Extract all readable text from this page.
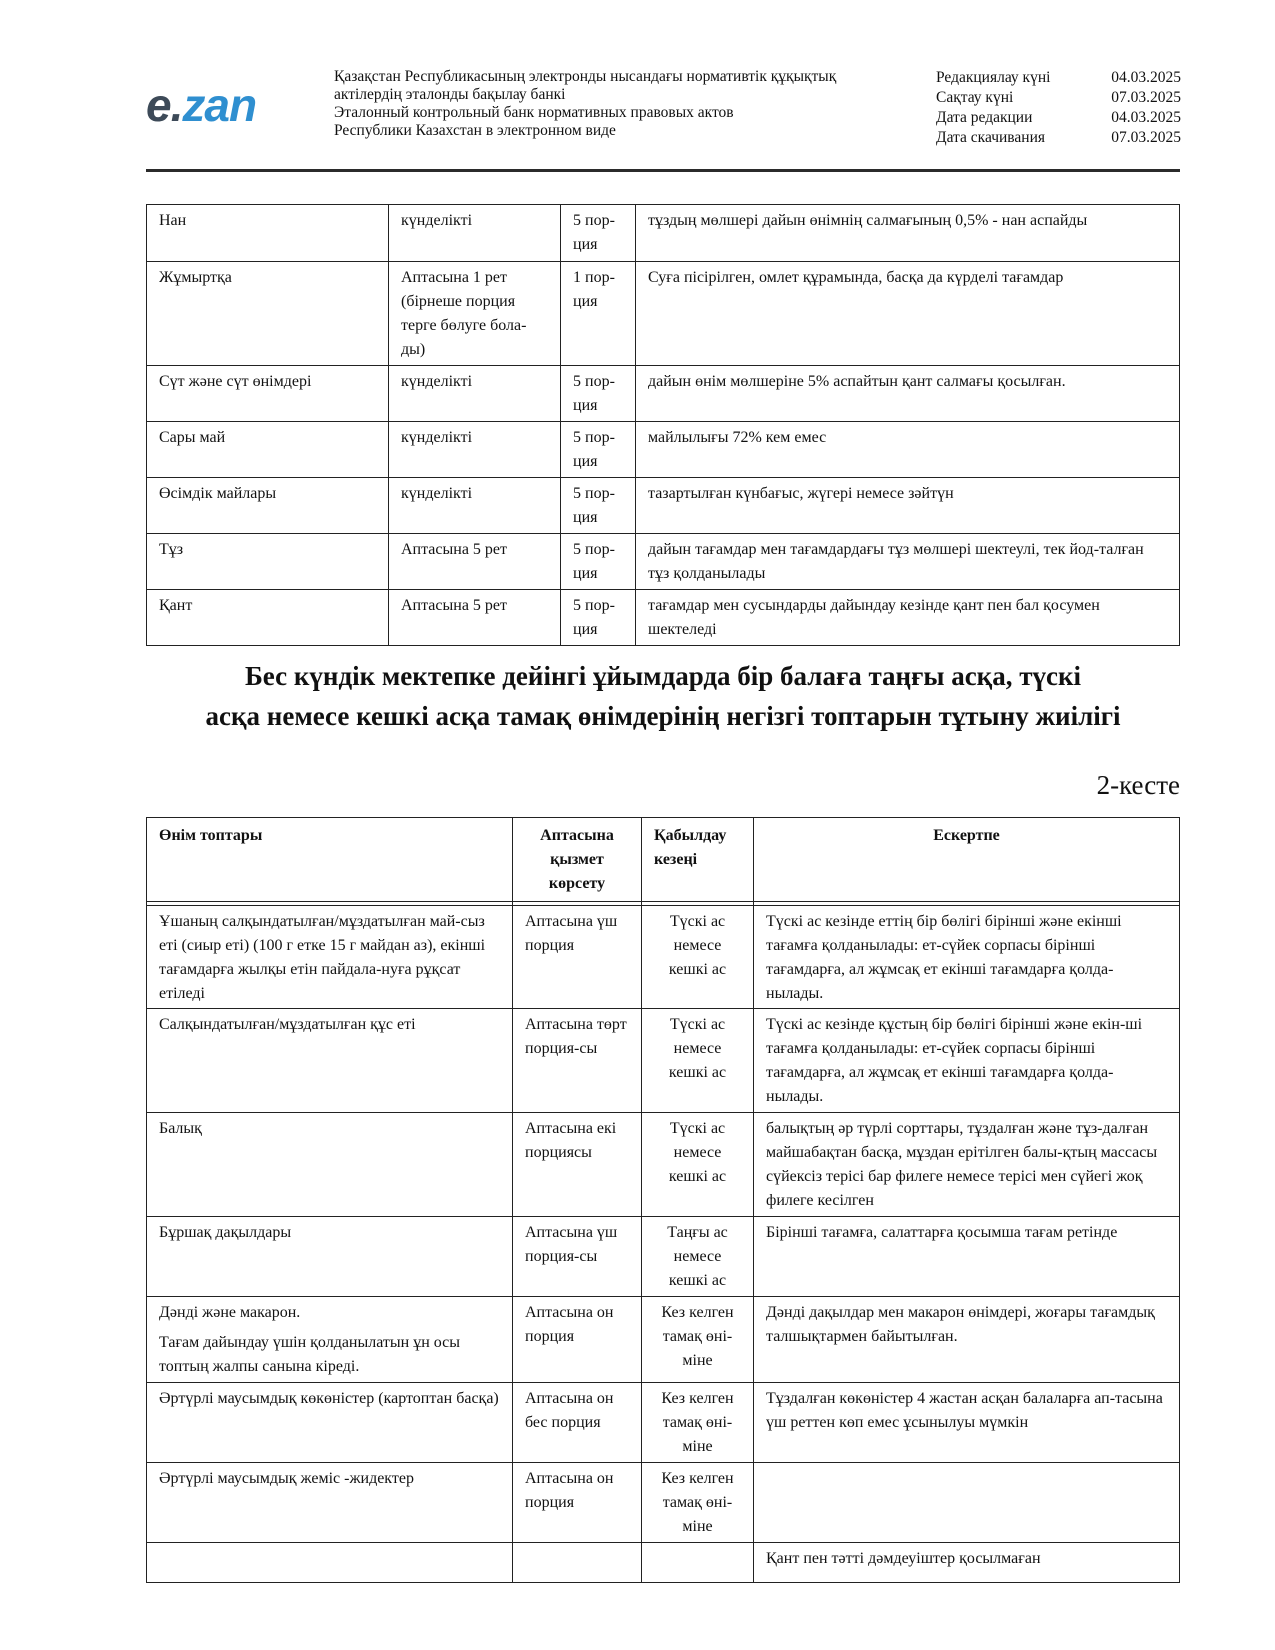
e.zan
Қазақстан Республикасының электронды нысандағы нормативтік құқықтық
актілердің эталонды бақылау банкі
Эталонный контрольный банк нормативных правовых актов
Республики Казахстан в электронном виде
Редакциялау күні	04.03.2025
Сақтау күні	07.03.2025
Дата редакции	04.03.2025
Дата скачивания	07.03.2025
Нан	күнделікті	5 пор-ция	тұздың мөлшері дайын өнімнің салмағының 0,5% - нан аспайды
Жұмыртқа	Аптасына 1 рет (бірнеше порция терге бөлуге бола-ды)	1 пор-ция	Суға пісірілген, омлет құрамында, басқа да күрделі тағамдар
Сүт және сүт өнімдері	күнделікті	5 пор-ция	дайын өнім мөлшеріне 5% аспайтын қант салмағы қосылған.
Сары май	күнделікті	5 пор-ция	майлылығы 72% кем емес
Өсімдік майлары	күнделікті	5 пор-ция	тазартылған күнбағыс, жүгері немесе зәйтүн
Тұз	Аптасына 5 рет	5 пор-ция	дайын тағамдар мен тағамдардағы тұз мөлшері шектеулі, тек йод-талған тұз қолданылады
Қант	Аптасына 5 рет	5 пор-ция	тағамдар мен сусындарды дайындау кезінде қант пен бал қосумен шектеледі
Бес күндік мектепке дейінгі ұйымдарда бір балаға таңғы асқа, түскі
асқа немесе кешкі асқа тамақ өнімдерінің негізгі топтарын тұтыну жиілігі
2-кесте
Өнім топтары	Аптасына қызмет көрсету	Қабылдау кезеңі	Ескертпе

Ұшаның салқындатылған/мұздатылған май-сыз еті (сиыр еті) (100 г етке 15 г майдан аз), екінші тағамдарға жылқы етін пайдала-нуға рұқсат етіледі	Аптасына үш порция	Түскі ас немесе кешкі ас	Түскі ас кезінде еттің бір бөлігі бірінші және екінші тағамға қолданылады: ет-сүйек сорпасы бірінші тағамдарға, ал жұмсақ ет екінші тағамдарға қолда-нылады.
Салқындатылған/мұздатылған құс еті	Аптасына төрт порция-сы	Түскі ас немесе кешкі ас	Түскі ас кезінде құстың бір бөлігі бірінші және екін-ші тағамға қолданылады: ет-сүйек сорпасы бірінші тағамдарға, ал жұмсақ ет екінші тағамдарға қолда-нылады.
Балық	Аптасына екі порциясы	Түскі ас немесе кешкі ас	балықтың әр түрлі сорттары, тұздалған және тұз-далған майшабақтан басқа, мұздан ерітілген балы-қтың массасы сүйексіз терісі бар филеге немесе терісі мен сүйегі жоқ филеге кесілген
Бұршақ дақылдары	Аптасына үш порция-сы	Таңғы ас немесе кешкі ас	Бірінші тағамға, салаттарға қосымша тағам ретінде

Дәнді және макарон.
Тағам дайындау үшін қолданылатын ұн осы топтың жалпы санына кіреді.	Аптасына он порция	Кез келген тамақ өні-міне	Дәнді дақылдар мен макарон өнімдері, жоғары тағамдық талшықтармен байытылған.
Әртүрлі маусымдық көкөністер (картоптан басқа)	Аптасына он бес порция	Кез келген тамақ өні-міне	Тұздалған көкөністер 4 жастан асқан балаларға ап-тасына үш реттен көп емес ұсынылуы мүмкін
Әртүрлі маусымдық жеміс -жидектер	Аптасына он порция	Кез келген тамақ өні-міне	
			Қант пен тәтті дәмдеуіштер қосылмаған
